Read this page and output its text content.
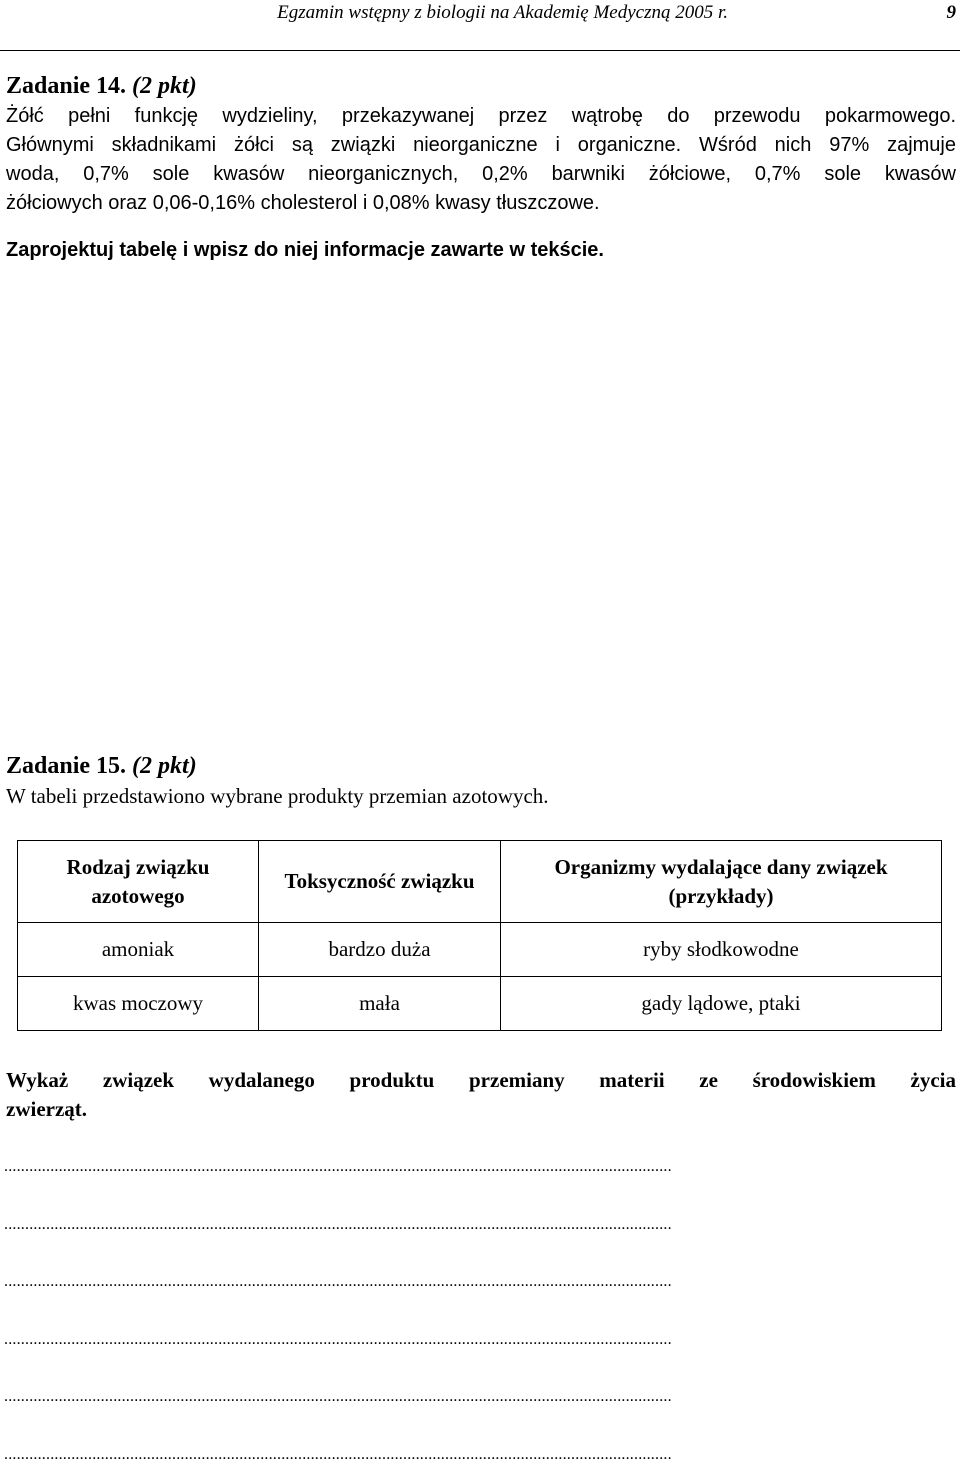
Egzamin wstępny z biologii na Akademię Medyczną 2005 r.	9
Zadanie 14. (2 pkt)

Żółć pełni funkcję wydzieliny, przekazywanej przez wątrobę do przewodu pokarmowego.

Głównymi składnikami żółci są związki nieorganiczne i organiczne. Wśród nich 97% zajmuje

woda, 0,7% sole kwasów nieorganicznych, 0,2% barwniki żółciowe, 0,7% sole kwasów

żółciowych oraz 0,06-0,16% cholesterol i 0,08% kwasy tłuszczowe.

Zaprojektuj tabelę i wpisz do niej informacje zawarte w tekście.

Zadanie 15. (2 pkt)

W tabeli przedstawiono wybrane produkty przemian azotowych.

Rodzaj związku azotowego	Toksyczność związku	Organizmy wydalające dany związek (przykłady)
amoniak	bardzo duża	ryby słodkowodne
kwas moczowy	mała	gady lądowe, ptaki

Wykaż związek wydalanego produktu przemiany materii ze środowiskiem życia

zwierząt.

...............................................................................................................................................................
...............................................................................................................................................................
...............................................................................................................................................................
...............................................................................................................................................................
...............................................................................................................................................................
...............................................................................................................................................................
